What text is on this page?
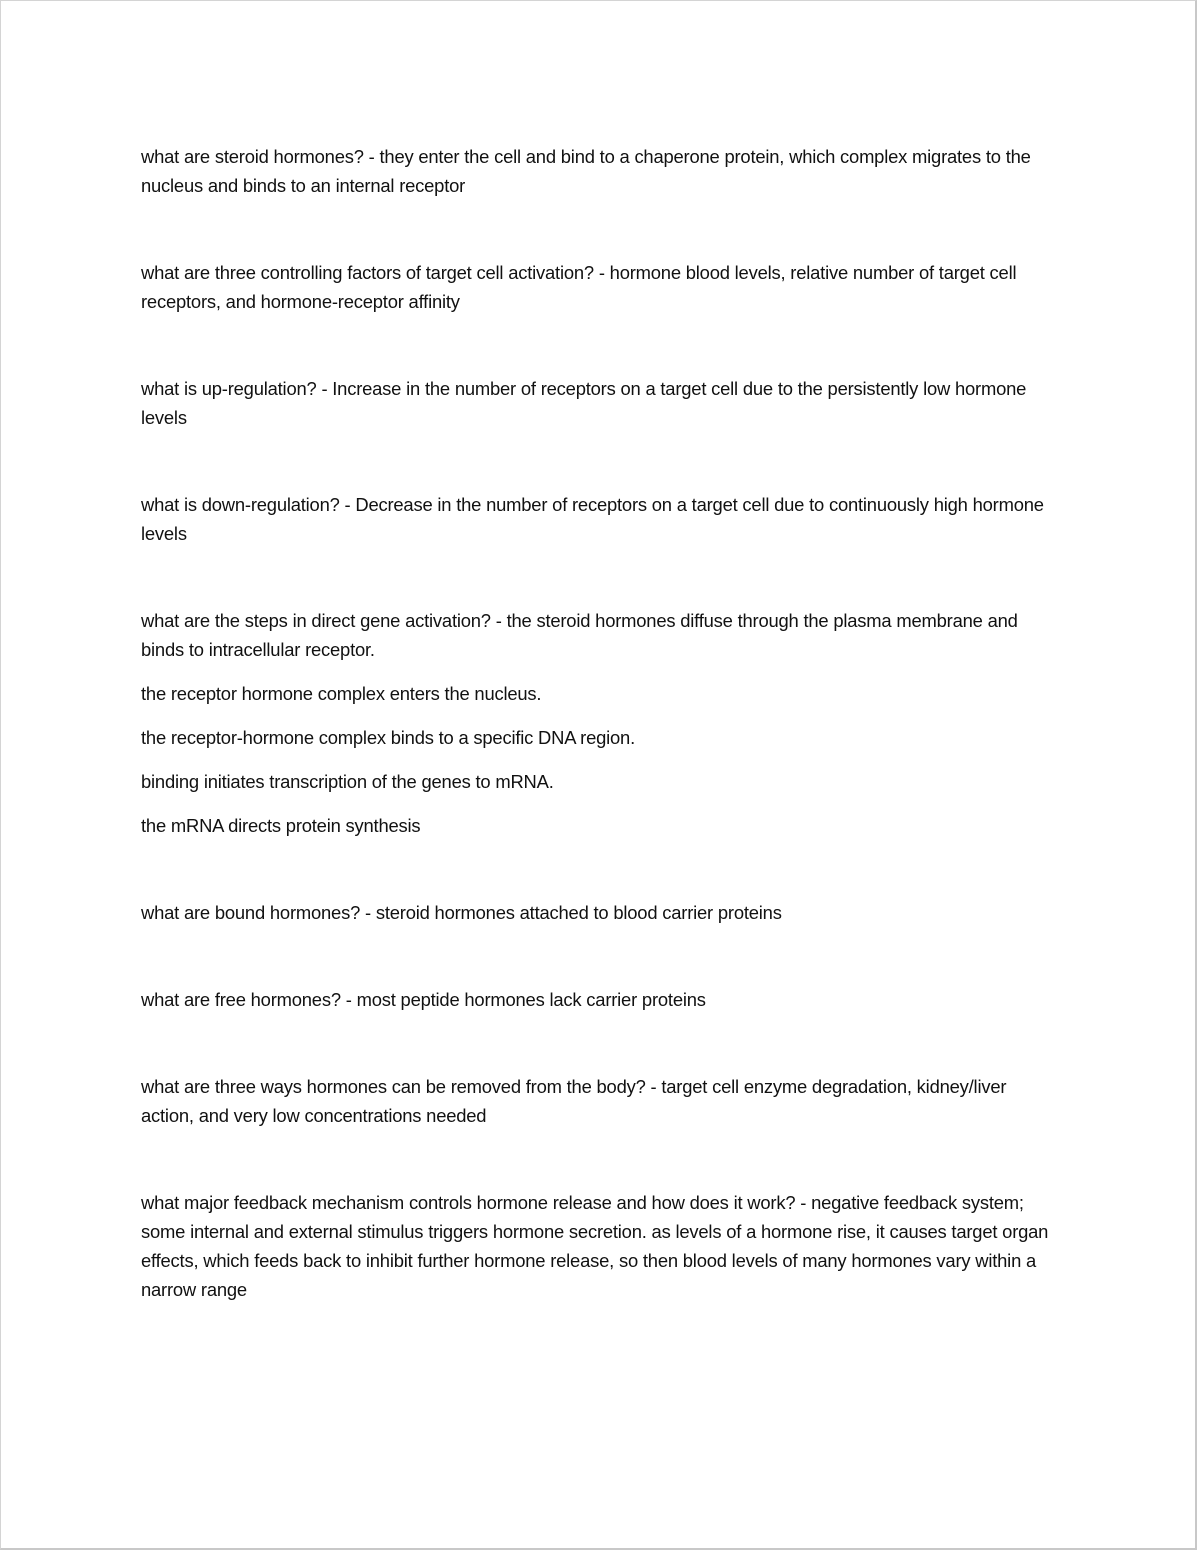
what are steroid hormones? - they enter the cell and bind to a chaperone protein, which complex migrates to the nucleus and binds to an internal receptor

what are three controlling factors of target cell activation? - hormone blood levels, relative number of target cell receptors, and hormone-receptor affinity

what is up-regulation? - Increase in the number of receptors on a target cell due to the persistently low hormone levels

what is down-regulation? - Decrease in the number of receptors on a target cell due to continuously high hormone levels

what are the steps in direct gene activation? - the steroid hormones diffuse through the plasma membrane and binds to intracellular receptor.

the receptor hormone complex enters the nucleus.

the receptor-hormone complex binds to a specific DNA region.

binding initiates transcription of the genes to mRNA.

the mRNA directs protein synthesis

what are bound hormones? - steroid hormones attached to blood carrier proteins

what are free hormones? - most peptide hormones lack carrier proteins

what are three ways hormones can be removed from the body? - target cell enzyme degradation, kidney/liver action, and very low concentrations needed

what major feedback mechanism controls hormone release and how does it work? - negative feedback system; some internal and external stimulus triggers hormone secretion. as levels of a hormone rise, it causes target organ effects, which feeds back to inhibit further hormone release, so then blood levels of many hormones vary within a narrow range
